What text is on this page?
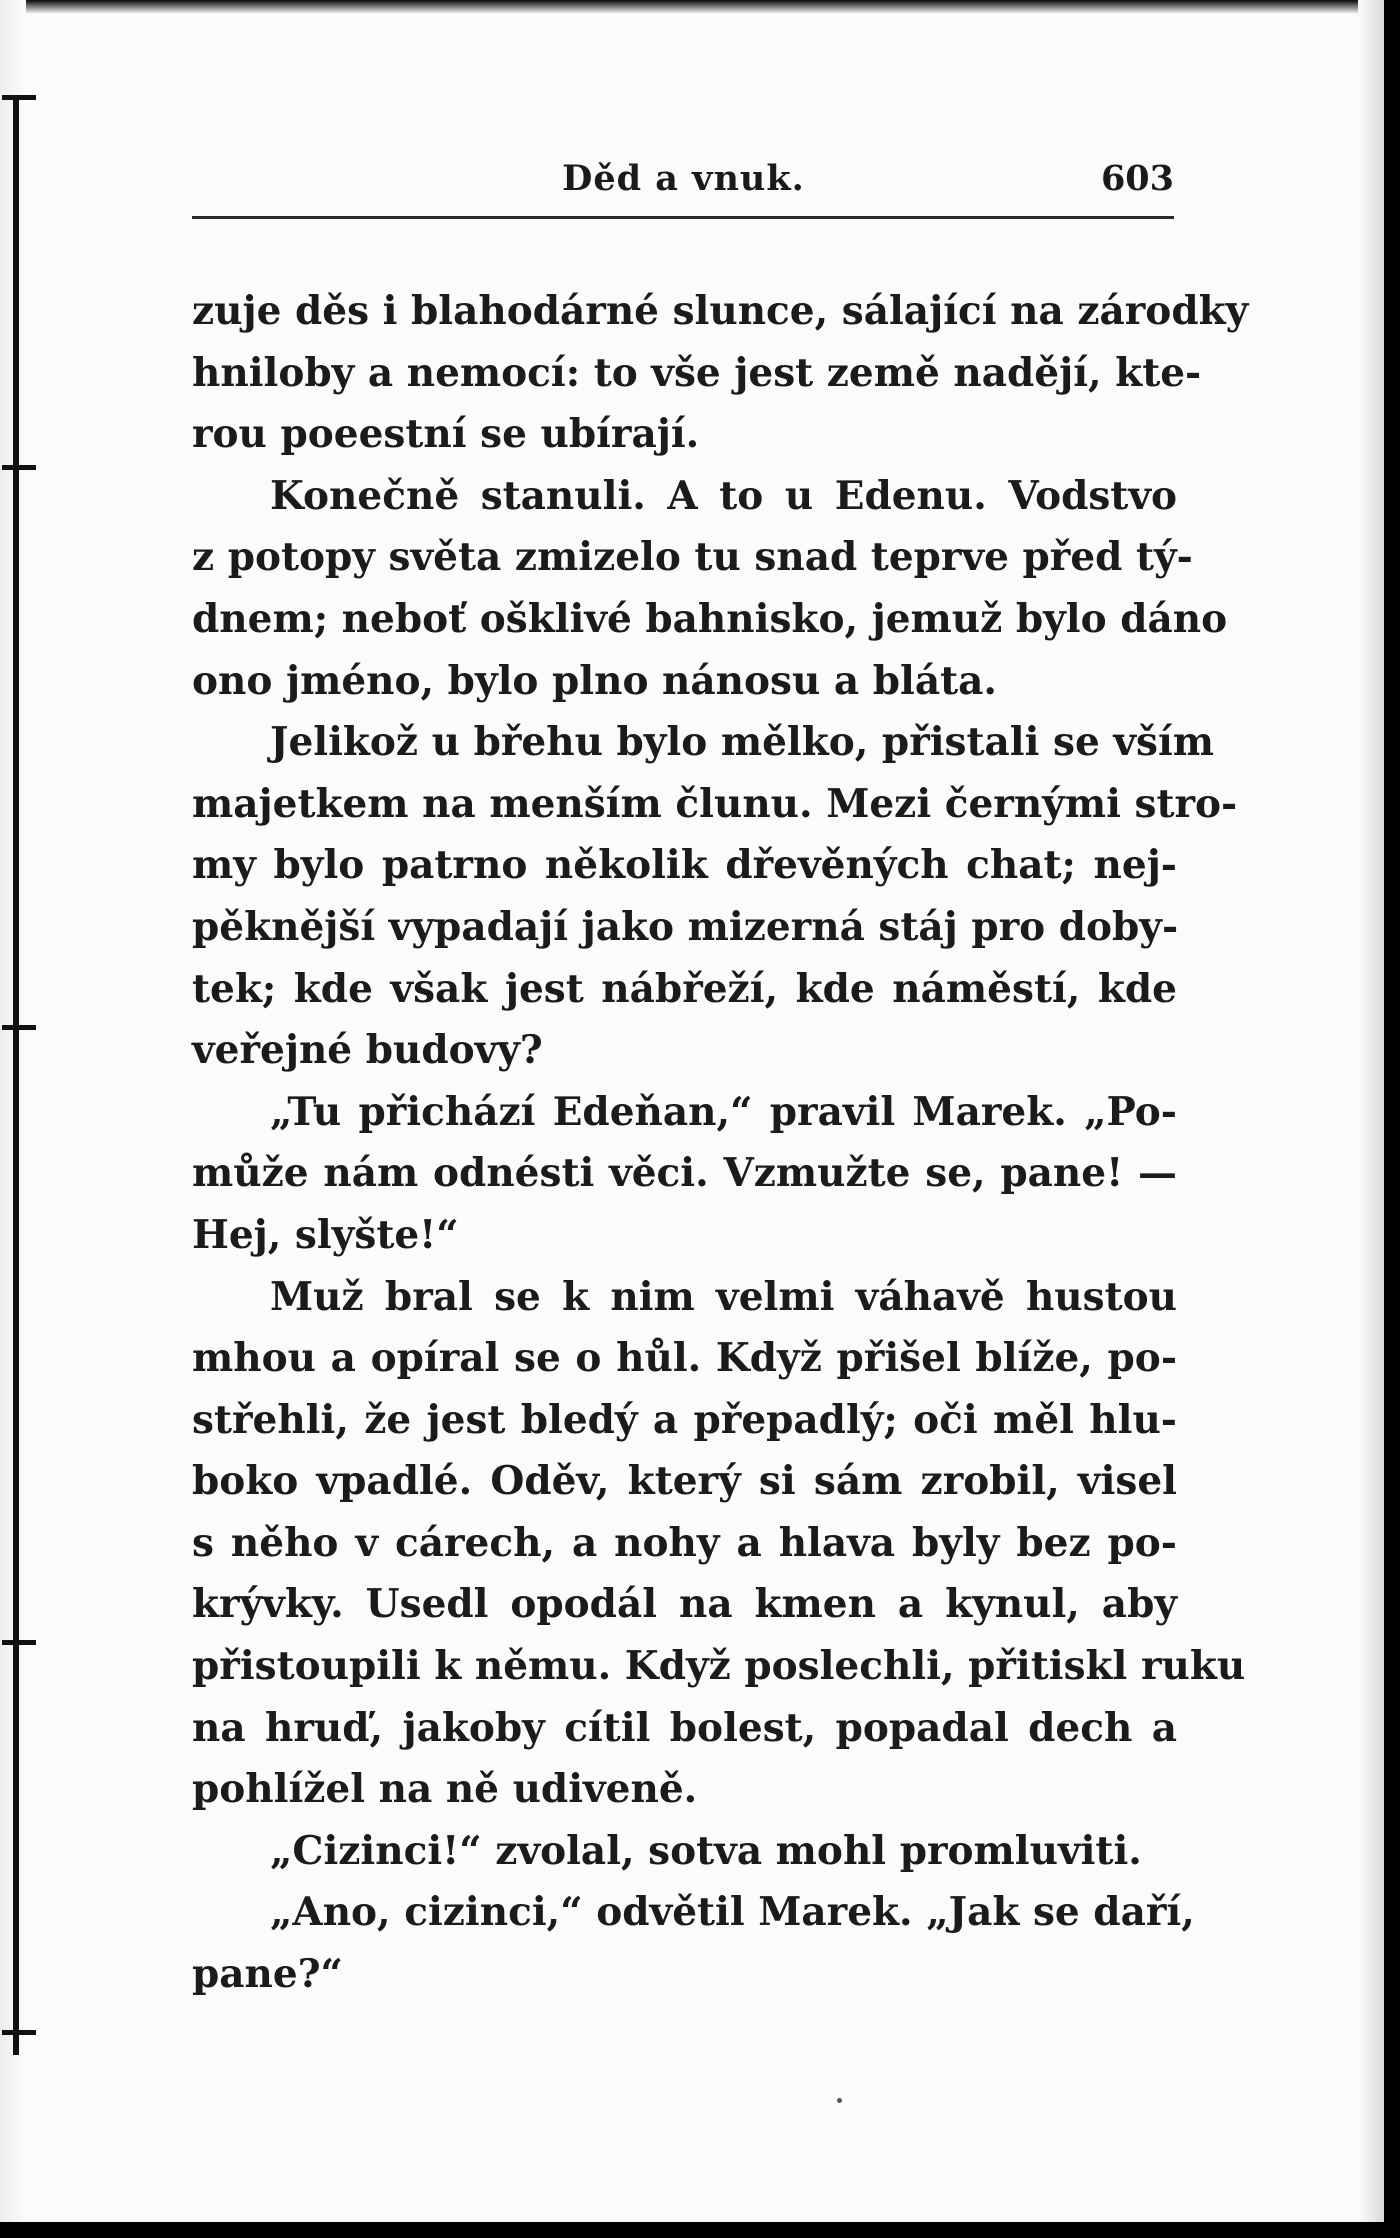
Děd a vnuk.	603
zuje děs i blahodárné slunce, sálající na zárodky
hniloby a nemocí: to vše jest země nadějí, kte-
rou poeestní se ubírají.
Konečně stanuli. A to u Edenu. Vodstvo
z potopy světa zmizelo tu snad teprve před tý-
dnem; neboť ošklivé bahnisko, jemuž bylo dáno
ono jméno, bylo plno nánosu a bláta.
Jelikož u břehu bylo mělko, přistali se vším
majetkem na menším člunu. Mezi černými stro-
my bylo patrno několik dřevěných chat; nej-
pěknější vypadají jako mizerná stáj pro doby-
tek; kde však jest nábřeží, kde náměstí, kde
veřejné budovy?
„Tu přichází Edeňan,“ pravil Marek. „Po-
může nám odnésti věci. Vzmužte se, pane! —
Hej, slyšte!“
Muž bral se k nim velmi váhavě hustou
mhou a opíral se o hůl. Když přišel blíže, po-
střehli, že jest bledý a přepadlý; oči měl hlu-
boko vpadlé. Oděv, který si sám zrobil, visel
s něho v cárech, a nohy a hlava byly bez po-
krývky. Usedl opodál na kmen a kynul, aby
přistoupili k němu. Když poslechli, přitiskl ruku
na hruď, jakoby cítil bolest, popadal dech a
pohlížel na ně udiveně.
„Cizinci!“ zvolal, sotva mohl promluviti.
„Ano, cizinci,“ odvětil Marek. „Jak se daří,
pane?“
